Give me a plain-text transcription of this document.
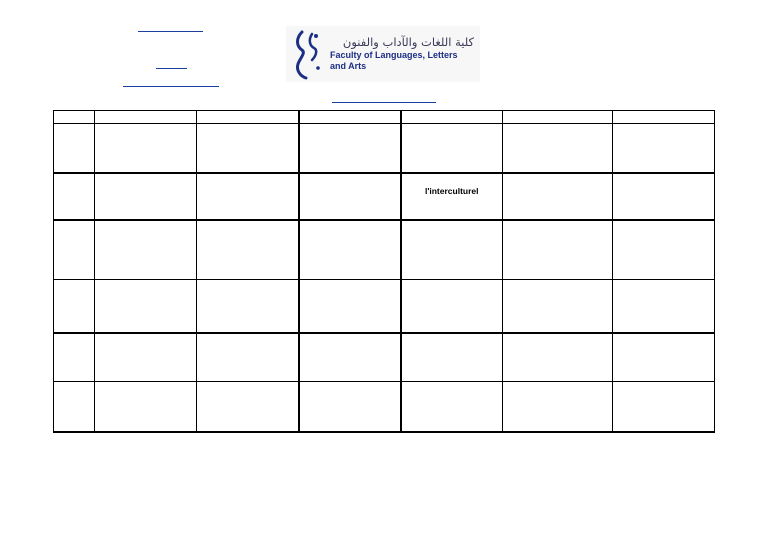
كلية اللغات والآداب والفنون
Faculty of Languages, Letters
and Arts

				l'interculturel		
